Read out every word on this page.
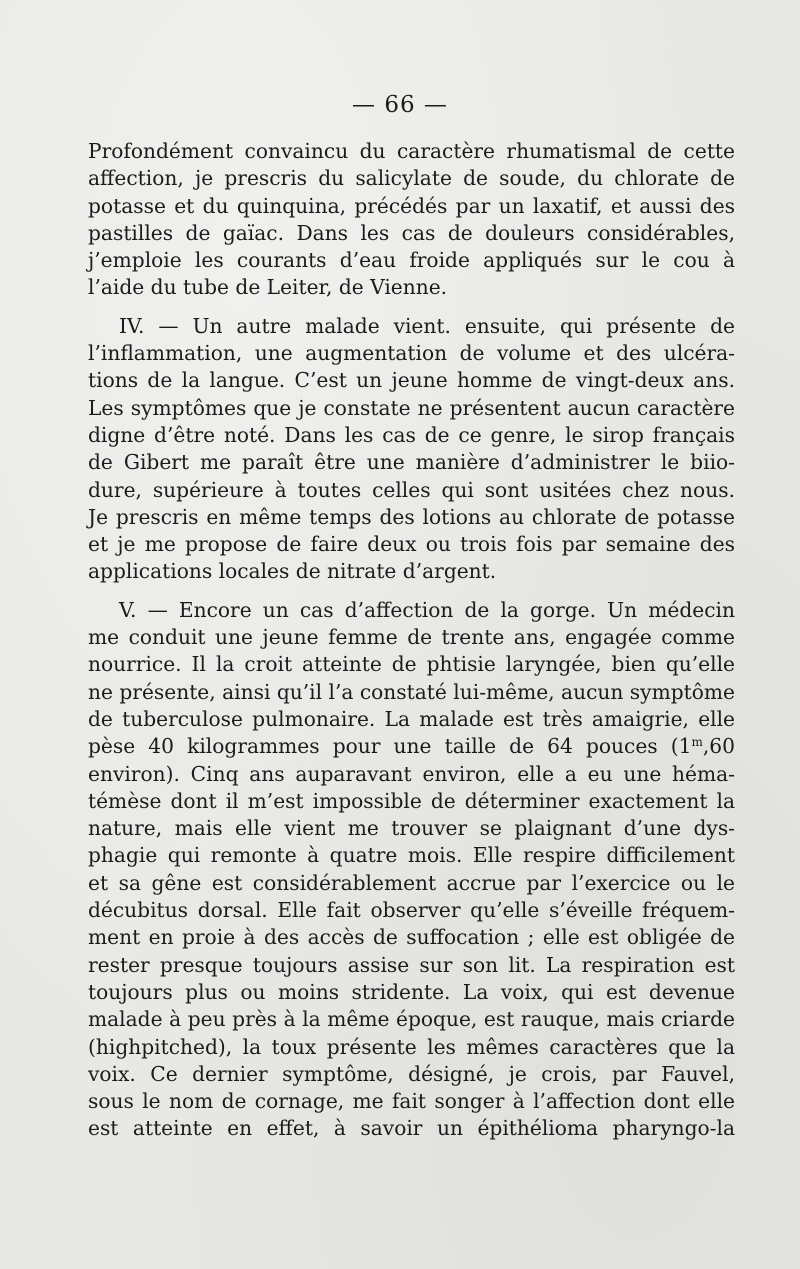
— 66 —

Profondément convaincu du caractère rhumatismal de cette
affection, je prescris du salicylate de soude, du chlorate de
potasse et du quinquina, précédés par un laxatif, et aussi des
pastilles de gaïac. Dans les cas de douleurs considérables,
j’emploie les courants d’eau froide appliqués sur le cou à
l’aide du tube de Leiter, de Vienne.

IV. — Un autre malade vient. ensuite, qui présente de
l’inflammation, une augmentation de volume et des ulcéra-
tions de la langue. C’est un jeune homme de vingt-deux ans.
Les symptômes que je constate ne présentent aucun caractère
digne d’être noté. Dans les cas de ce genre, le sirop français
de Gibert me paraît être une manière d’administrer le biio-
dure, supérieure à toutes celles qui sont usitées chez nous.
Je prescris en même temps des lotions au chlorate de potasse
et je me propose de faire deux ou trois fois par semaine des
applications locales de nitrate d’argent.

V. — Encore un cas d’affection de la gorge. Un médecin
me conduit une jeune femme de trente ans, engagée comme
nourrice. Il la croit atteinte de phtisie laryngée, bien qu’elle
ne présente, ainsi qu’il l’a constaté lui-même, aucun symptôme
de tuberculose pulmonaire. La malade est très amaigrie, elle
pèse 40 kilogrammes pour une taille de 64 pouces (1$^m$,60
environ). Cinq ans auparavant environ, elle a eu une héma-
témèse dont il m’est impossible de déterminer exactement la
nature, mais elle vient me trouver se plaignant d’une dys-
phagie qui remonte à quatre mois. Elle respire difficilement
et sa gêne est considérablement accrue par l’exercice ou le
décubitus dorsal. Elle fait observer qu’elle s’éveille fréquem-
ment en proie à des accès de suffocation ; elle est obligée de
rester presque toujours assise sur son lit. La respiration est
toujours plus ou moins stridente. La voix, qui est devenue
malade à peu près à la même époque, est rauque, mais criarde
(highpitched), la toux présente les mêmes caractères que la
voix. Ce dernier symptôme, désigné, je crois, par Fauvel,
sous le nom de cornage, me fait songer à l’affection dont elle
est atteinte en effet, à savoir un épithélioma pharyngo-la
